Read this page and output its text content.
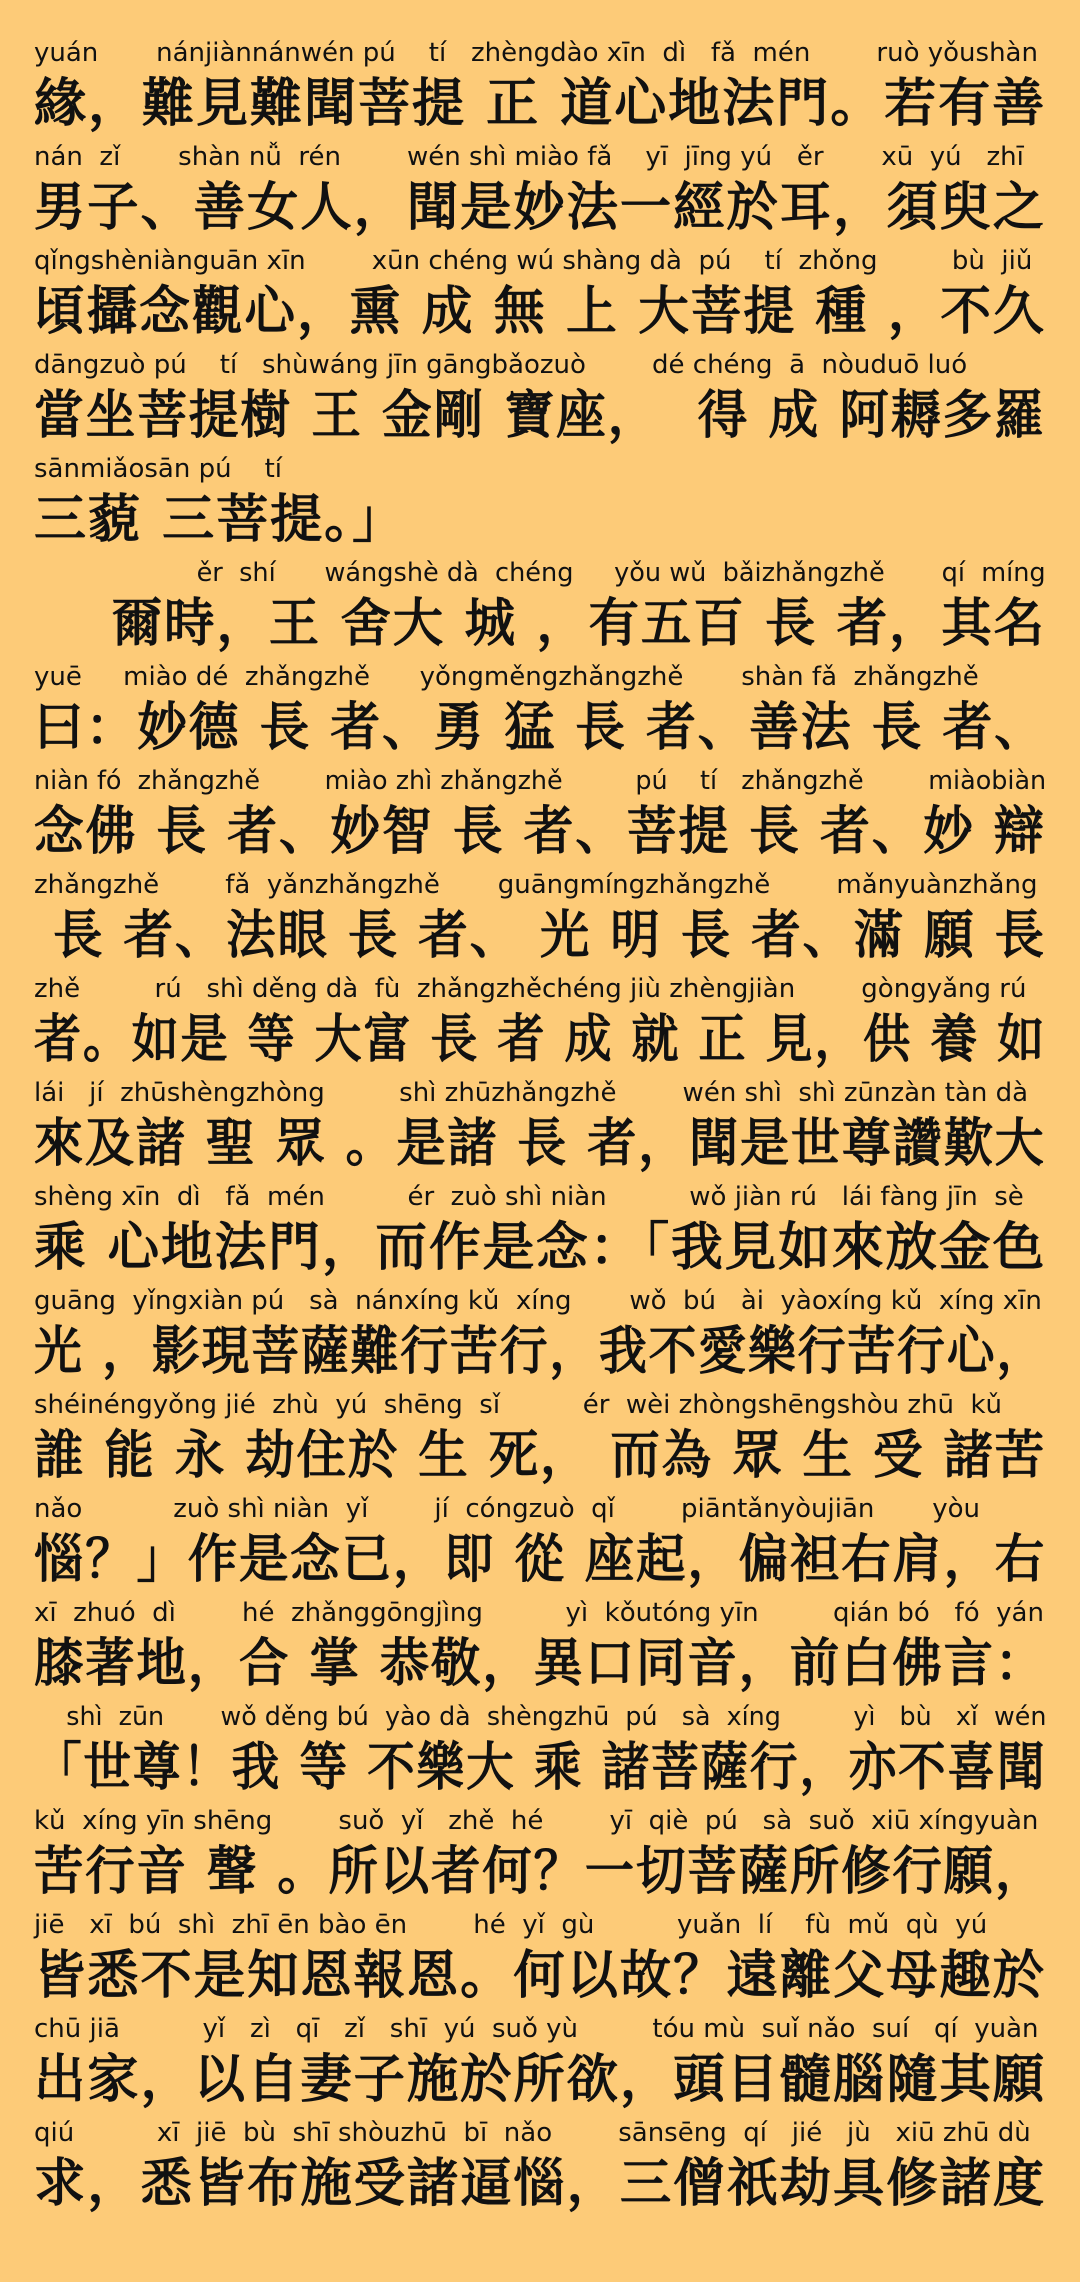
yuán       nánjiànnánwén pú    tí   zhèngdào xīn  dì   fǎ  mén        ruò yǒushàn
緣，難見難聞菩提 正 道心地法門。若有善
nán  zǐ       shàn nǚ  rén        wén shì miào fǎ    yī  jīng yú   ěr       xū  yú   zhī
男子、善女人，聞是妙法一經於耳，須臾之
qǐngshèniànguān xīn        xūn chéng wú shàng dà  pú    tí  zhǒng         bù  jiǔ
頃攝念觀心，熏 成 無 上 大菩提 種 ，不久
dāngzuò pú    tí   shùwáng jīn gāngbǎozuò        dé chéng  ā  nòuduō luó
當坐菩提樹 王 金剛 寶座，  得 成 阿耨多羅
sānmiǎosān pú    tí
三藐 三菩提。」
ěr  shí      wángshè dà  chéng     yǒu wǔ  bǎizhǎngzhě       qí  míng
爾時，王 舍大 城 ，有五百 長 者，其名
yuē     miào dé  zhǎngzhě      yǒngměngzhǎngzhě       shàn fǎ  zhǎngzhě
曰：妙德 長 者、勇 猛 長 者、善法 長 者、
niàn fó  zhǎngzhě        miào zhì zhǎngzhě         pú    tí   zhǎngzhě        miàobiàn
念佛 長 者、妙智 長 者、菩提 長 者、妙 辯
zhǎngzhě        fǎ  yǎnzhǎngzhě       guāngmíngzhǎngzhě        mǎnyuànzhǎng
長 者、法眼 長 者、 光 明 長 者、滿 願 長
zhě         rú   shì děng dà  fù  zhǎngzhěchéng jiù zhèngjiàn        gòngyǎng rú
者。如是 等 大富 長 者 成 就 正 見，供 養 如
lái   jí  zhūshèngzhòng         shì zhūzhǎngzhě        wén shì  shì zūnzàn tàn dà
來及諸 聖 眾 。是諸 長 者，聞是世尊讚歎大
shèng xīn  dì   fǎ  mén          ér  zuò shì niàn          wǒ jiàn rú   lái fàng jīn  sè
乘 心地法門，而作是念：「我見如來放金色
guāng  yǐngxiàn pú   sà  nánxíng kǔ  xíng       wǒ  bú   ài  yàoxíng kǔ  xíng xīn
光 ，影現菩薩難行苦行，我不愛樂行苦行心，
shéinéngyǒng jié  zhù  yú  shēng  sǐ          ér  wèi zhòngshēngshòu zhū  kǔ
誰 能 永 劫住於 生 死， 而為 眾 生 受 諸苦
nǎo           zuò shì niàn  yǐ        jí  cóngzuò  qǐ        piāntǎnyòujiān       yòu
惱？」作是念已，即 從 座起，偏袒右肩，右
xī  zhuó  dì        hé  zhǎnggōngjìng          yì  kǒutóng yīn         qián bó   fó  yán
膝著地，合 掌 恭敬，異口同音，前白佛言：
shì  zūn       wǒ děng bú  yào dà  shèngzhū  pú   sà  xíng         yì   bù   xǐ  wén
「世尊！我 等 不樂大 乘 諸菩薩行，亦不喜聞
kǔ  xíng yīn shēng        suǒ  yǐ   zhě  hé        yī  qiè  pú   sà  suǒ  xiū xíngyuàn
苦行音 聲 。所以者何？一切菩薩所修行願，
jiē   xī  bú  shì  zhī ēn bào ēn        hé  yǐ  gù          yuǎn  lí    fù  mǔ  qù  yú
皆悉不是知恩報恩。何以故？遠離父母趣於
chū jiā          yǐ   zì   qī   zǐ   shī  yú  suǒ yù         tóu mù  suǐ nǎo  suí   qí  yuàn
出家，以自妻子施於所欲，頭目髓腦隨其願
qiú          xī  jiē  bù  shī shòuzhū  bī  nǎo        sānsēng  qí   jié   jù   xiū zhū dù
求，悉皆布施受諸逼惱，三僧祇劫具修諸度
